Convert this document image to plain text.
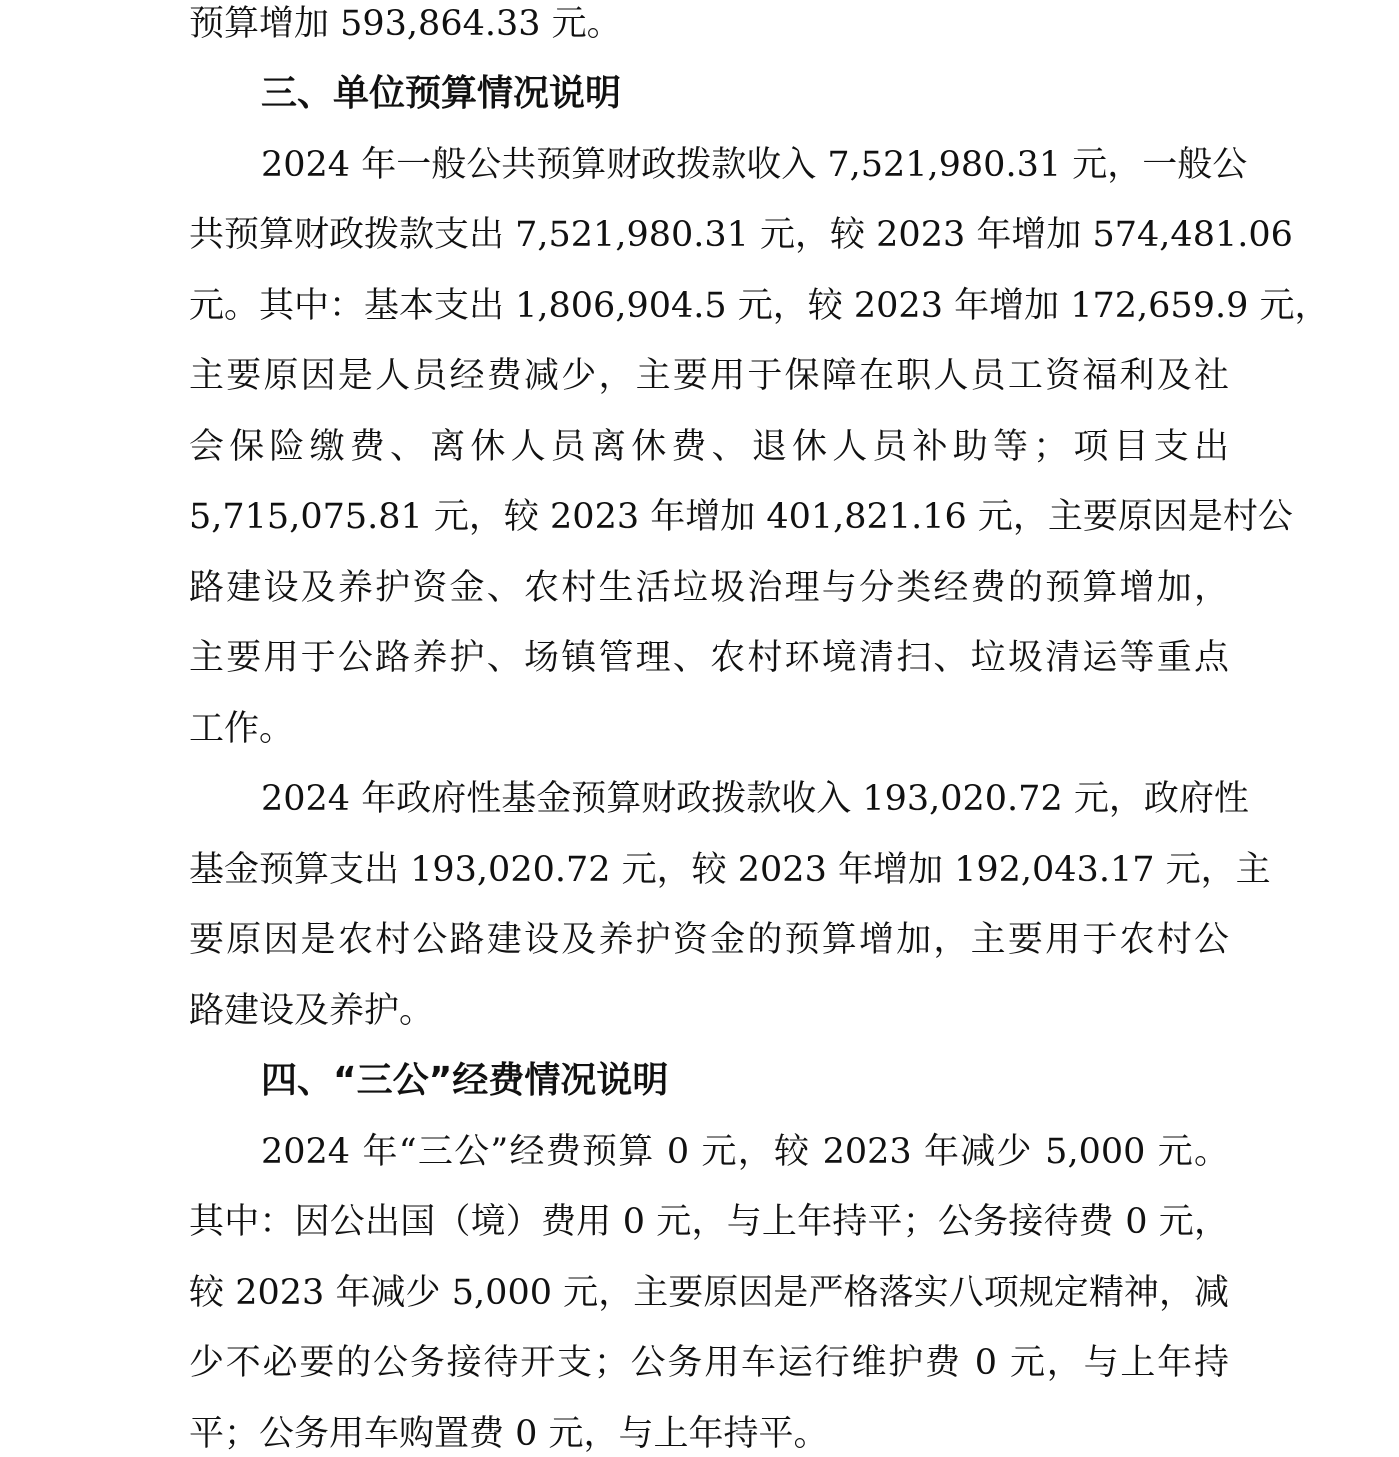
预算增加 593,864.33 元。
三、单位预算情况说明
2024 年一般公共预算财政拨款收入 7,521,980.31 元，一般公
共预算财政拨款支出 7,521,980.31 元，较 2023 年增加 574,481.06
元。其中：基本支出 1,806,904.5 元，较 2023 年增加 172,659.9 元，
主要原因是人员经费减少，主要用于保障在职人员工资福利及社
会保险缴费、离休人员离休费、退休人员补助等；项目支出
5,715,075.81 元，较 2023 年增加 401,821.16 元，主要原因是村公
路建设及养护资金、农村生活垃圾治理与分类经费的预算增加，
主要用于公路养护、场镇管理、农村环境清扫、垃圾清运等重点
工作。
2024 年政府性基金预算财政拨款收入 193,020.72 元，政府性
基金预算支出 193,020.72 元，较 2023 年增加 192,043.17 元，主
要原因是农村公路建设及养护资金的预算增加，主要用于农村公
路建设及养护。
四、“三公”经费情况说明
2024 年“三公”经费预算 0 元，较 2023 年减少 5,000 元。
其中：因公出国（境）费用 0 元，与上年持平；公务接待费 0 元，
较 2023 年减少 5,000 元，主要原因是严格落实八项规定精神，减
少不必要的公务接待开支；公务用车运行维护费 0 元，与上年持
平；公务用车购置费 0 元，与上年持平。
